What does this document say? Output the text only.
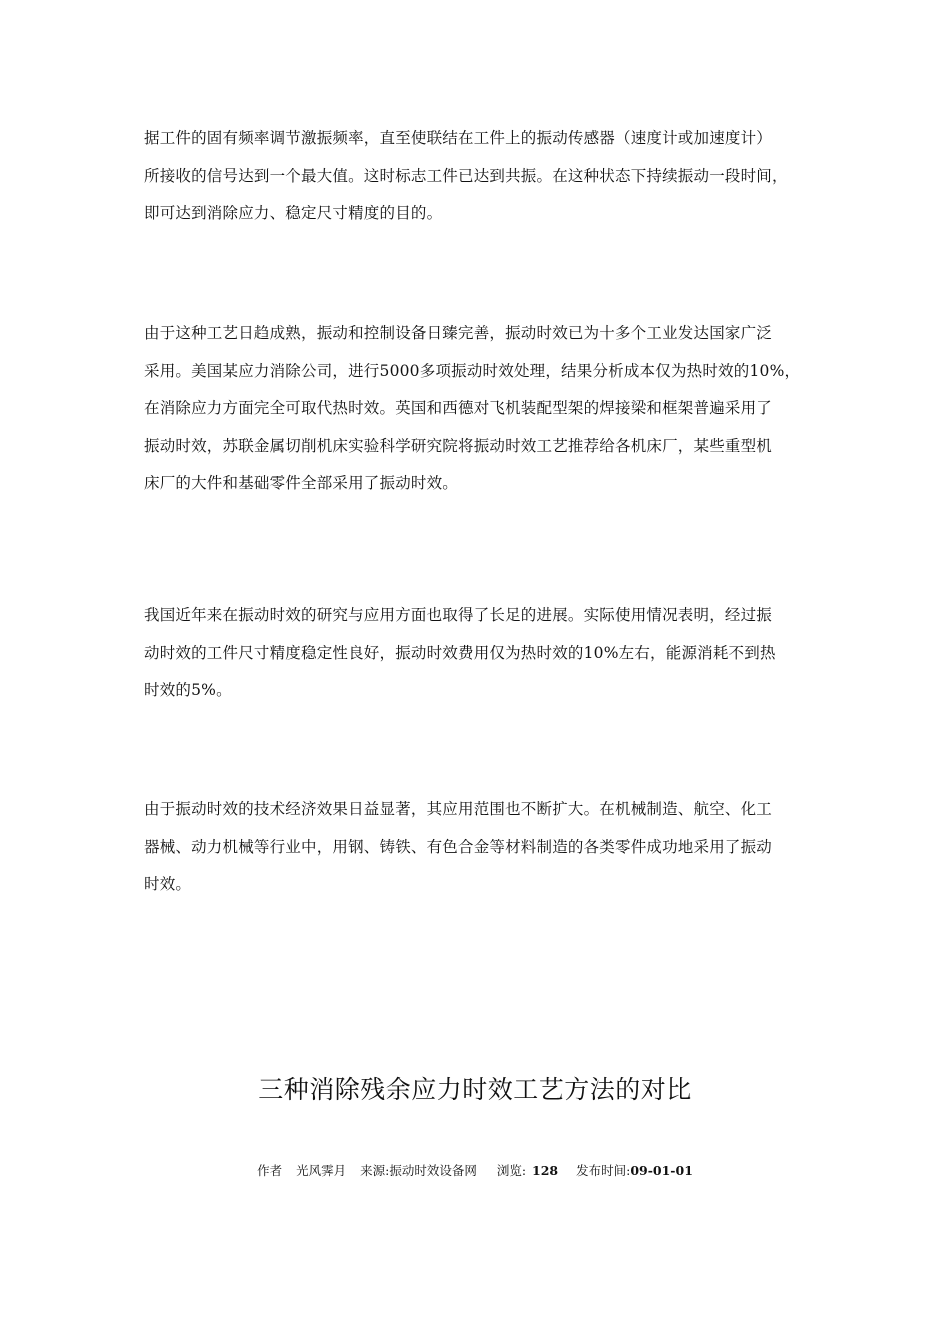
据工件的固有频率调节激振频率，直至使联结在工件上的振动传感器（速度计或加速度计）
所接收的信号达到一个最大值。这时标志工件已达到共振。在这种状态下持续振动一段时间，
即可达到消除应力、稳定尺寸精度的目的。
由于这种工艺日趋成熟，振动和控制设备日臻完善，振动时效已为十多个工业发达国家广泛
采用。美国某应力消除公司，进行5000多项振动时效处理，结果分析成本仅为热时效的10%，
在消除应力方面完全可取代热时效。英国和西德对飞机装配型架的焊接梁和框架普遍采用了
振动时效，苏联金属切削机床实验科学研究院将振动时效工艺推荐给各机床厂，某些重型机
床厂的大件和基础零件全部采用了振动时效。
我国近年来在振动时效的研究与应用方面也取得了长足的进展。实际使用情况表明，经过振
动时效的工件尺寸精度稳定性良好，振动时效费用仅为热时效的10%左右，能源消耗不到热
时效的5%。
由于振动时效的技术经济效果日益显著，其应用范围也不断扩大。在机械制造、航空、化工
器械、动力机械等行业中，用钢、铸铁、有色合金等材料制造的各类零件成功地采用了振动
时效。
三种消除残余应力时效工艺方法的对比

作者 光风霁月 来源:振动时效设备网 浏览: 128 发布时间:09-01-01
